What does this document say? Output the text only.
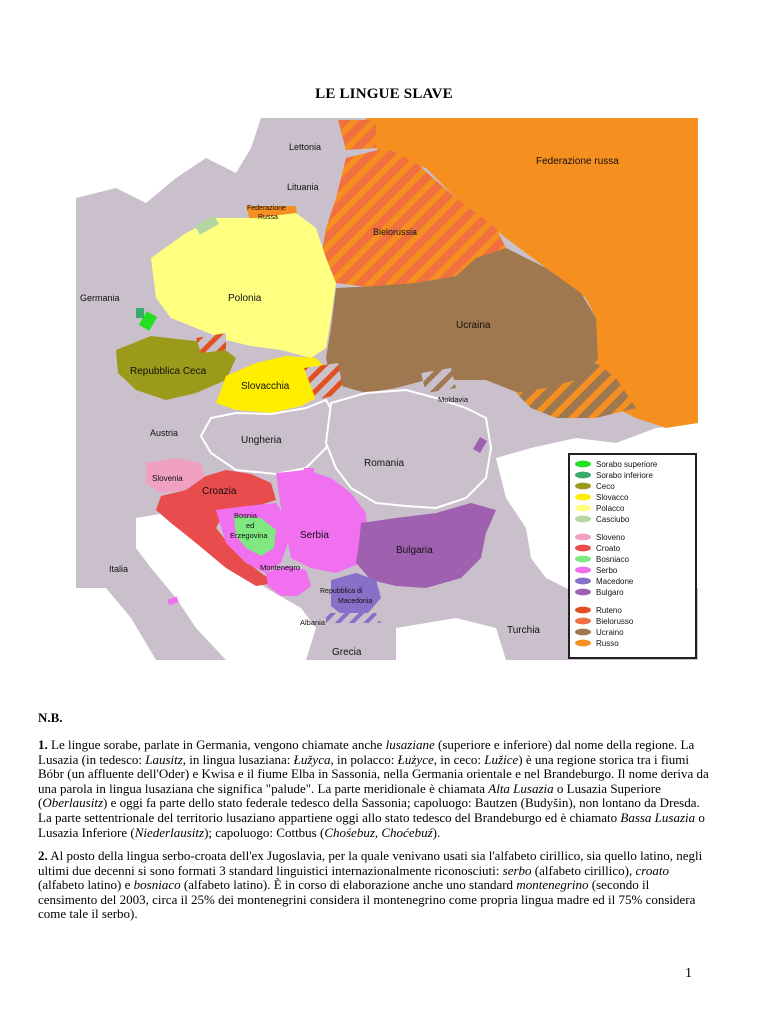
LE LINGUE SLAVE
Sorabo superiore
Sorabo inferiore
Ceco
Slovacco
Polacco
Casciubo
Sloveno
Croato
Bosniaco
Serbo
Macedone
Bulgaro
Ruteno
Bielorusso
Ucraino
Russo
Lettonia
Lituania
Federazione russa
Federazione
Russa
Bielorussia
Germania	Polonia
Ucraina
Repubblica Ceca
Slovacchia
Moldavia
Austria
Ungheria
Romania
Slovenia
Croazia
Bosnia
ed
Erzegovina	Serbia
Montenegro
Bulgaria
Italia
Repubblica di
Macedonia
Albania
Turchia
Grecia
N.B.
1. Le lingue sorabe, parlate in Germania, vengono chiamate anche lusaziane (superiore e inferiore) dal nome della regione. La Lusazia (in tedesco: Lausitz, in lingua lusaziana: Łužyca, in polacco: Łużyce, in ceco: Lužice) è una regione storica tra i fiumi Bóbr (un affluente dell'Oder) e Kwisa e il fiume Elba in Sassonia, nella Germania orientale e nel Brandeburgo. Il nome deriva da una parola in lingua lusaziana che significa "palude". La parte meridionale è chiamata Alta Lusazia o Lusazia Superiore (Oberlausitz) e oggi fa parte dello stato federale tedesco della Sassonia; capoluogo: Bautzen (Budyšin), non lontano da Dresda. La parte settentrionale del territorio lusaziano appartiene oggi allo stato tedesco del Brandeburgo ed è chiamato Bassa Lusazia o Lusazia Inferiore (Niederlausitz); capoluogo: Cottbus (Chośebuz, Choćebuź).
2. Al posto della lingua serbo-croata dell'ex Jugoslavia, per la quale venivano usati sia l'alfabeto cirillico, sia quello latino, negli ultimi due decenni si sono formati 3 standard linguistici internazionalmente riconosciuti: serbo (alfabeto cirillico), croato (alfabeto latino) e bosniaco (alfabeto latino). È in corso di elaborazione anche uno standard montenegrino (secondo il censimento del 2003, circa il 25% dei montenegrini considera il montenegrino come propria lingua madre ed il 75% considera come tale il serbo).
1
